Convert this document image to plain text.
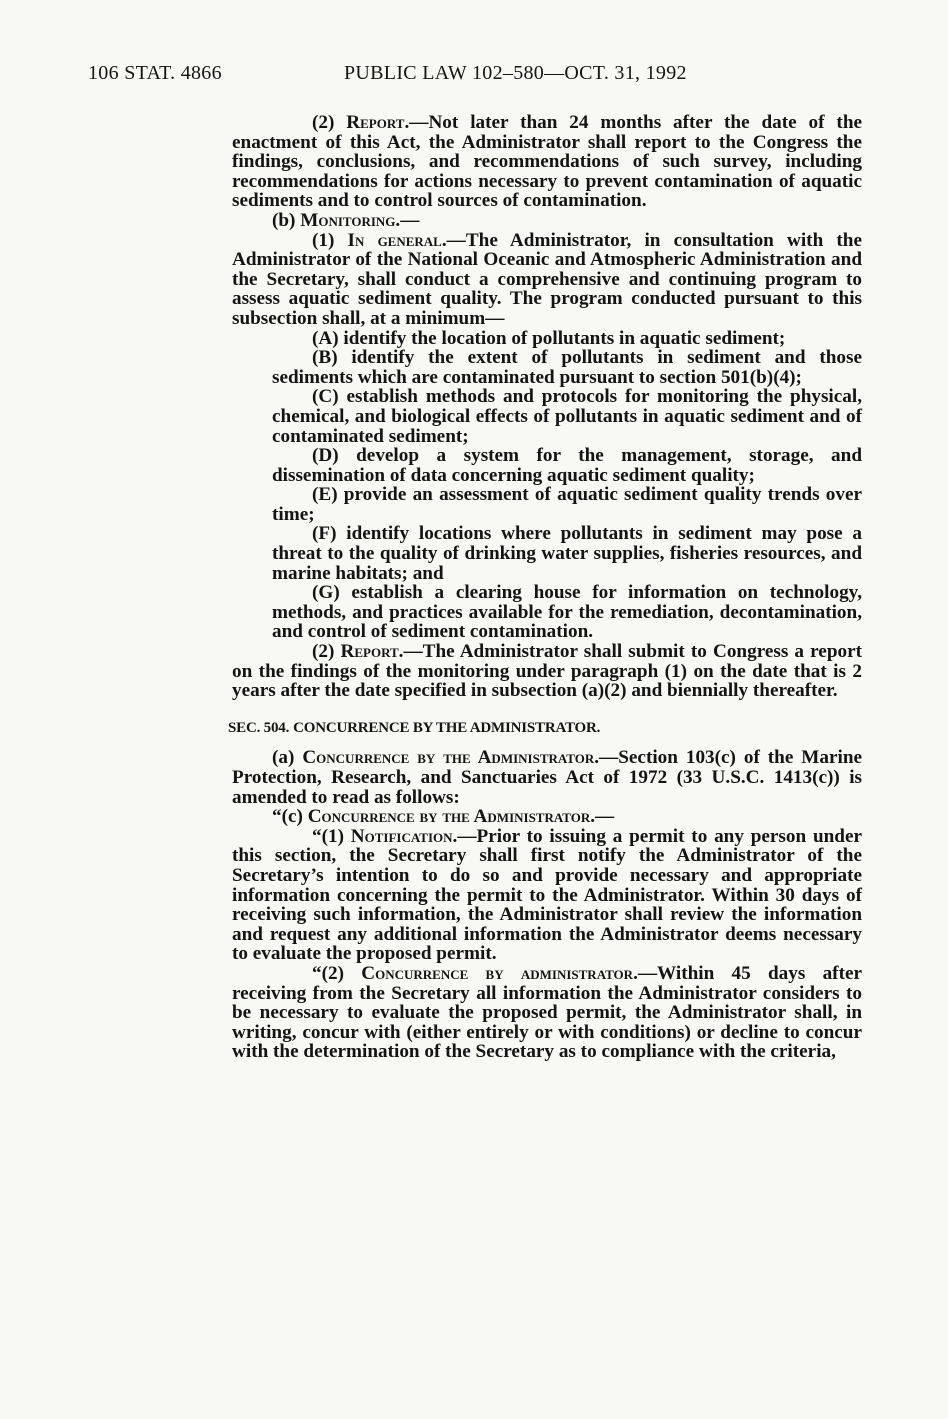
106 STAT. 4866	PUBLIC LAW 102–580—OCT. 31, 1992

(2) Report.—Not later than 24 months after the date of the enactment of this Act, the Administrator shall report to the Congress the findings, conclusions, and recommendations of such survey, including recommendations for actions necessary to prevent contamination of aquatic sediments and to control sources of contamination.

(b) Monitoring.—

(1) In general.—The Administrator, in consultation with the Administrator of the National Oceanic and Atmospheric Administration and the Secretary, shall conduct a comprehensive and continuing program to assess aquatic sediment quality. The program conducted pursuant to this subsection shall, at a minimum—

(A) identify the location of pollutants in aquatic sediment;

(B) identify the extent of pollutants in sediment and those sediments which are contaminated pursuant to section 501(b)(4);

(C) establish methods and protocols for monitoring the physical, chemical, and biological effects of pollutants in aquatic sediment and of contaminated sediment;

(D) develop a system for the management, storage, and dissemination of data concerning aquatic sediment quality;

(E) provide an assessment of aquatic sediment quality trends over time;

(F) identify locations where pollutants in sediment may pose a threat to the quality of drinking water supplies, fisheries resources, and marine habitats; and

(G) establish a clearing house for information on technology, methods, and practices available for the remediation, decontamination, and control of sediment contamination.

(2) Report.—The Administrator shall submit to Congress a report on the findings of the monitoring under paragraph (1) on the date that is 2 years after the date specified in subsection (a)(2) and biennially thereafter.

SEC. 504. CONCURRENCE BY THE ADMINISTRATOR.

(a) Concurrence by the Administrator.—Section 103(c) of the Marine Protection, Research, and Sanctuaries Act of 1972 (33 U.S.C. 1413(c)) is amended to read as follows:

“(c) Concurrence by the Administrator.—

“(1) Notification.—Prior to issuing a permit to any person under this section, the Secretary shall first notify the Administrator of the Secretary’s intention to do so and provide necessary and appropriate information concerning the permit to the Administrator. Within 30 days of receiving such information, the Administrator shall review the information and request any additional information the Administrator deems necessary to evaluate the proposed permit.

“(2) Concurrence by administrator.—Within 45 days after receiving from the Secretary all information the Administrator considers to be necessary to evaluate the proposed permit, the Administrator shall, in writing, concur with (either entirely or with conditions) or decline to concur with the determination of the Secretary as to compliance with the criteria,
